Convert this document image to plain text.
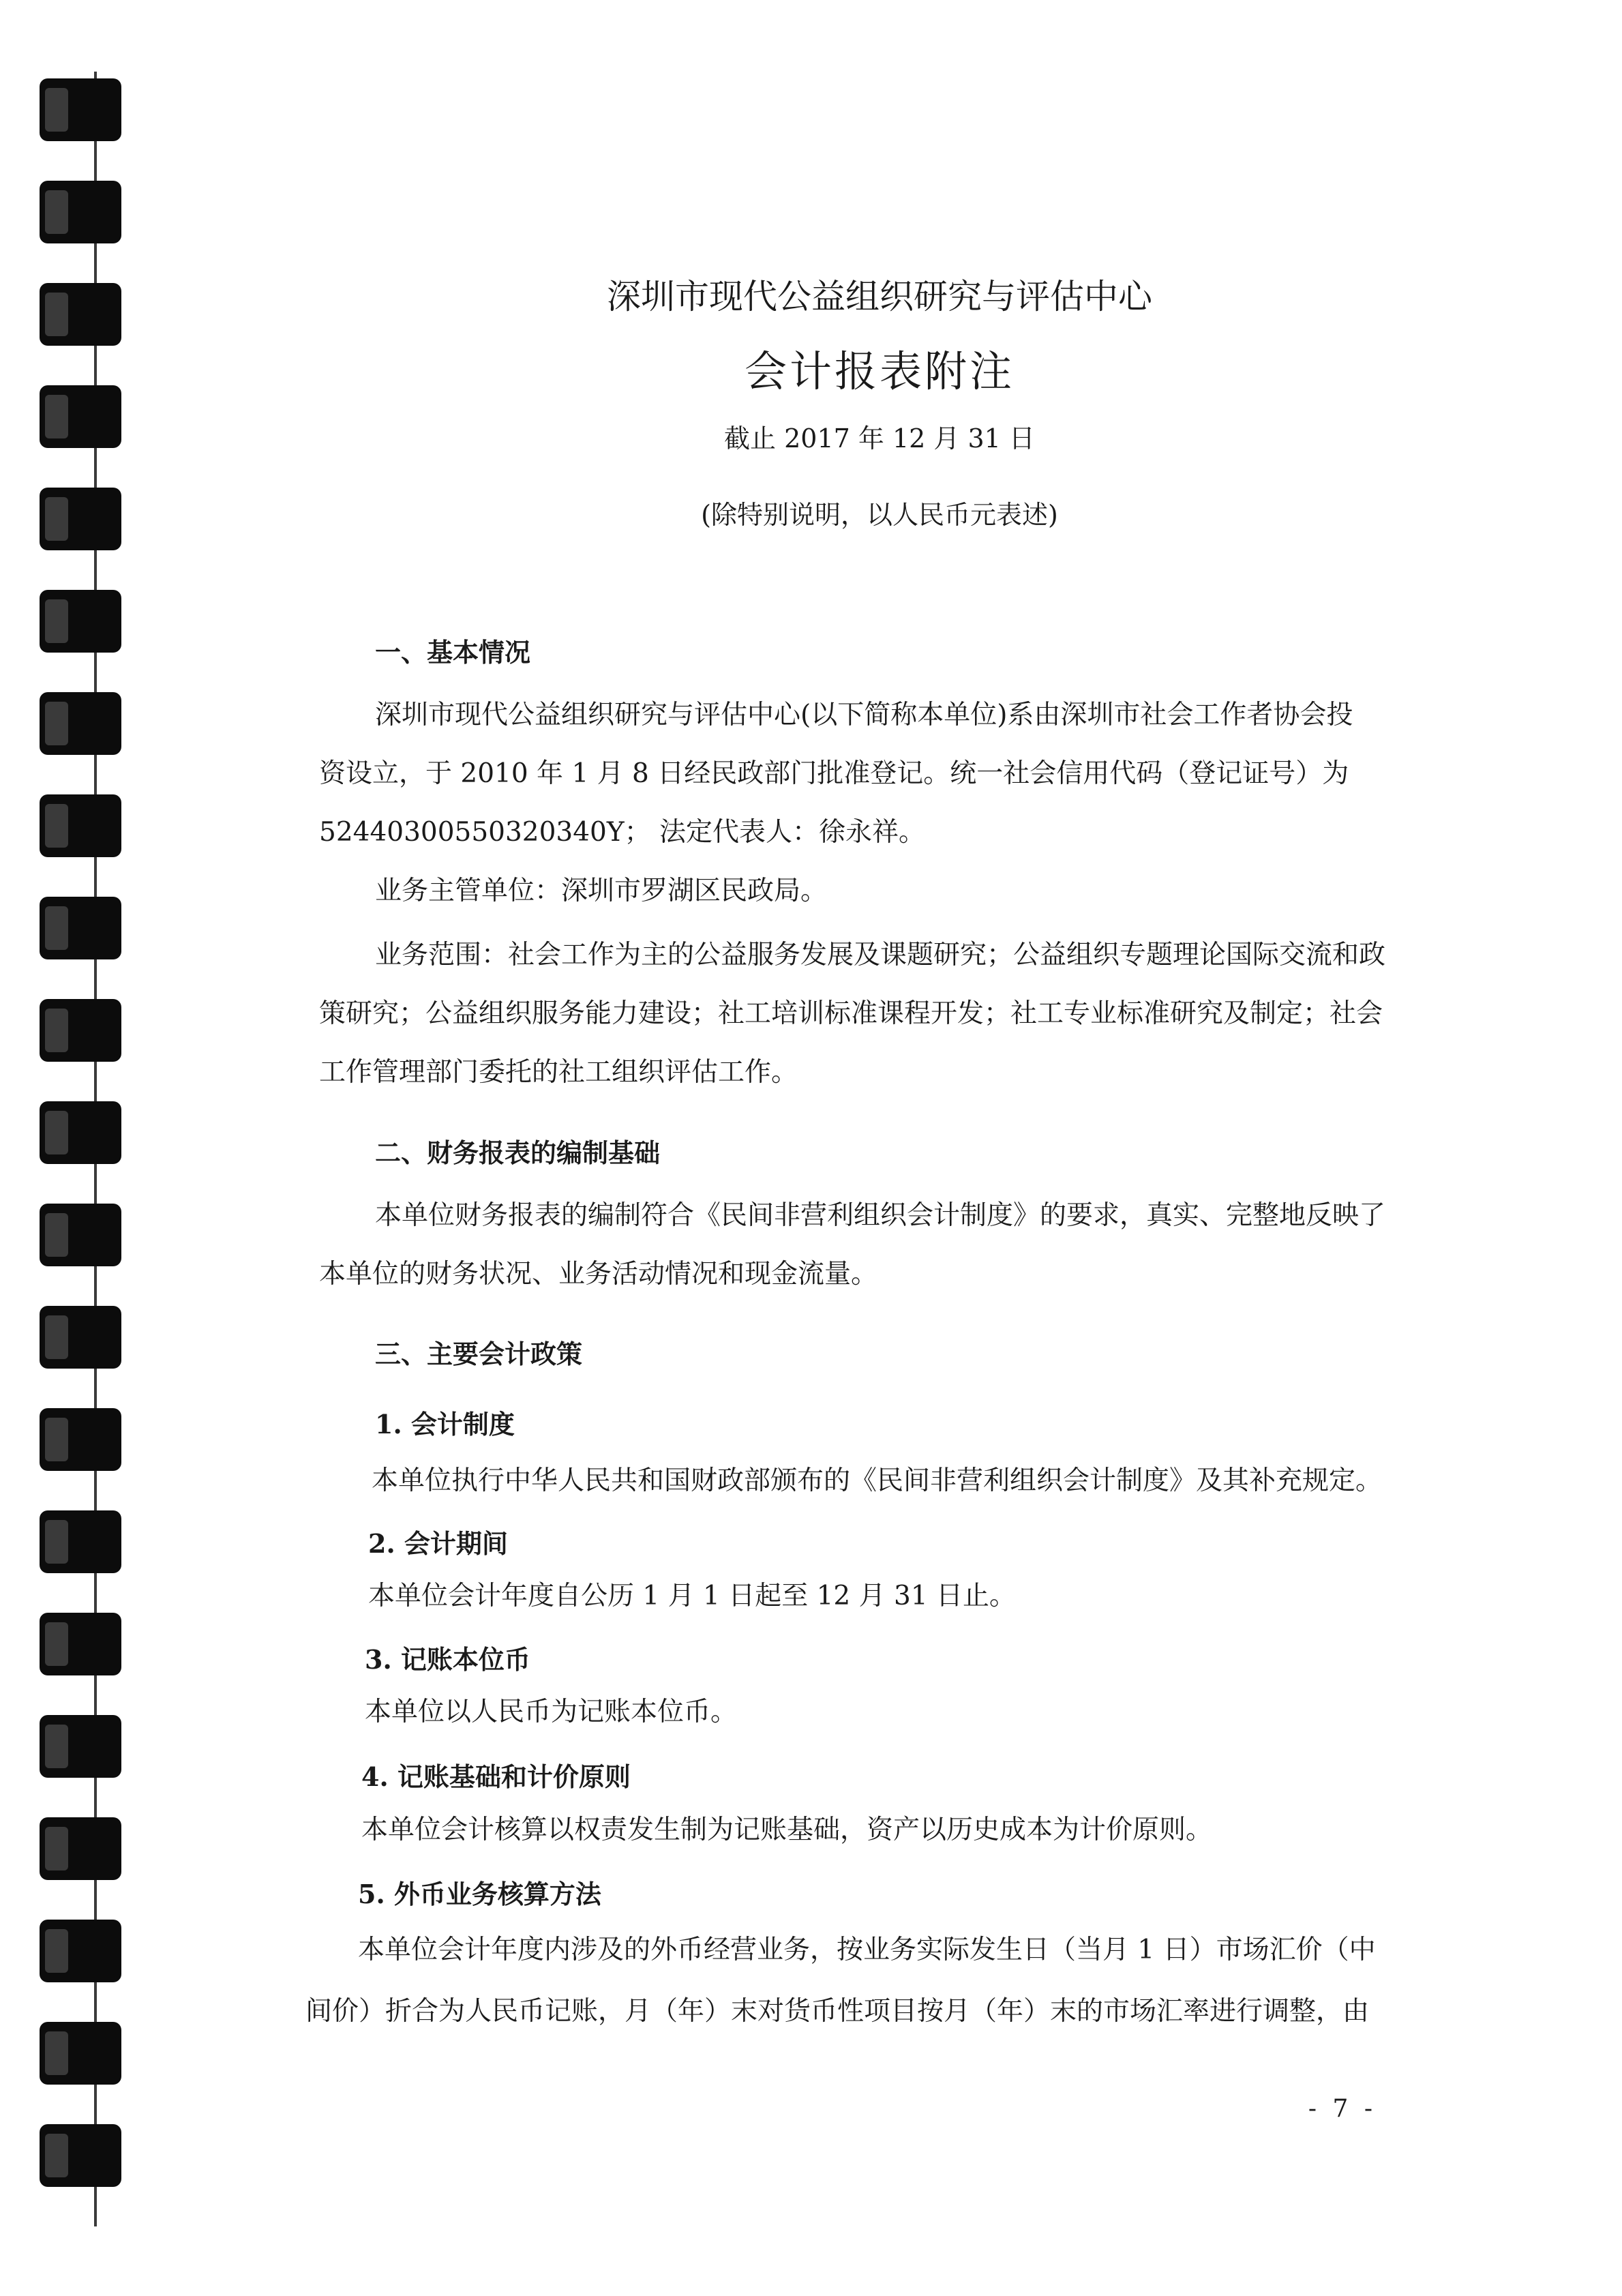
深圳市现代公益组织研究与评估中心
会计报表附注
截止 2017 年 12 月 31 日
(除特别说明，以人民币元表述)
一、基本情况
深圳市现代公益组织研究与评估中心(以下简称本单位)系由深圳市社会工作者协会投
资设立，于 2010 年 1 月 8 日经民政部门批准登记。统一社会信用代码（登记证号）为
52440300550320340Y； 法定代表人：徐永祥。
业务主管单位：深圳市罗湖区民政局。
业务范围：社会工作为主的公益服务发展及课题研究；公益组织专题理论国际交流和政
策研究；公益组织服务能力建设；社工培训标准课程开发；社工专业标准研究及制定；社会
工作管理部门委托的社工组织评估工作。
二、财务报表的编制基础
本单位财务报表的编制符合《民间非营利组织会计制度》的要求，真实、完整地反映了
本单位的财务状况、业务活动情况和现金流量。
三、主要会计政策
1. 会计制度
本单位执行中华人民共和国财政部颁布的《民间非营利组织会计制度》及其补充规定。
2. 会计期间
本单位会计年度自公历 1 月 1 日起至 12 月 31 日止。
3. 记账本位币
本单位以人民币为记账本位币。
4. 记账基础和计价原则
本单位会计核算以权责发生制为记账基础，资产以历史成本为计价原则。
5. 外币业务核算方法
本单位会计年度内涉及的外币经营业务，按业务实际发生日（当月 1 日）市场汇价（中
间价）折合为人民币记账，月（年）末对货币性项目按月（年）末的市场汇率进行调整，由
- 7 -
